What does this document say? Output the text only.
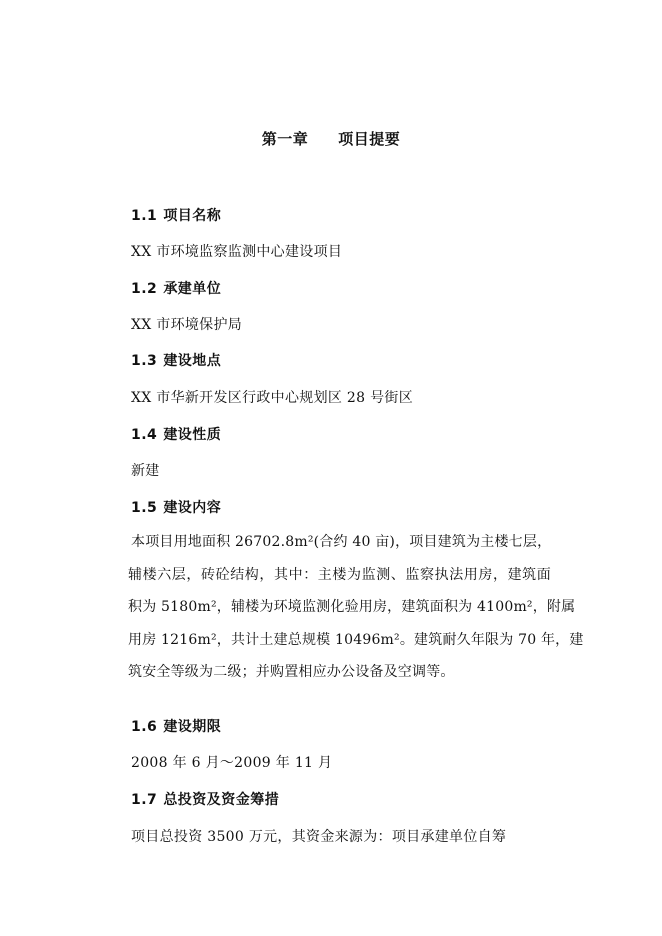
第一章 项目提要
1.1 项目名称
XX 市环境监察监测中心建设项目
1.2 承建单位
XX 市环境保护局
1.3 建设地点
XX 市华新开发区行政中心规划区 28 号街区
1.4 建设性质
新建
1.5 建设内容
本项目用地面积 26702.8m²(合约 40 亩)，项目建筑为主楼七层，
辅楼六层，砖砼结构，其中：主楼为监测、监察执法用房，建筑面
积为 5180m²，辅楼为环境监测化验用房，建筑面积为 4100m²，附属
用房 1216m²，共计土建总规模 10496m²。建筑耐久年限为 70 年，建
筑安全等级为二级；并购置相应办公设备及空调等。
1.6 建设期限
2008 年 6 月～2009 年 11 月
1.7 总投资及资金筹措
项目总投资 3500 万元，其资金来源为：项目承建单位自筹
